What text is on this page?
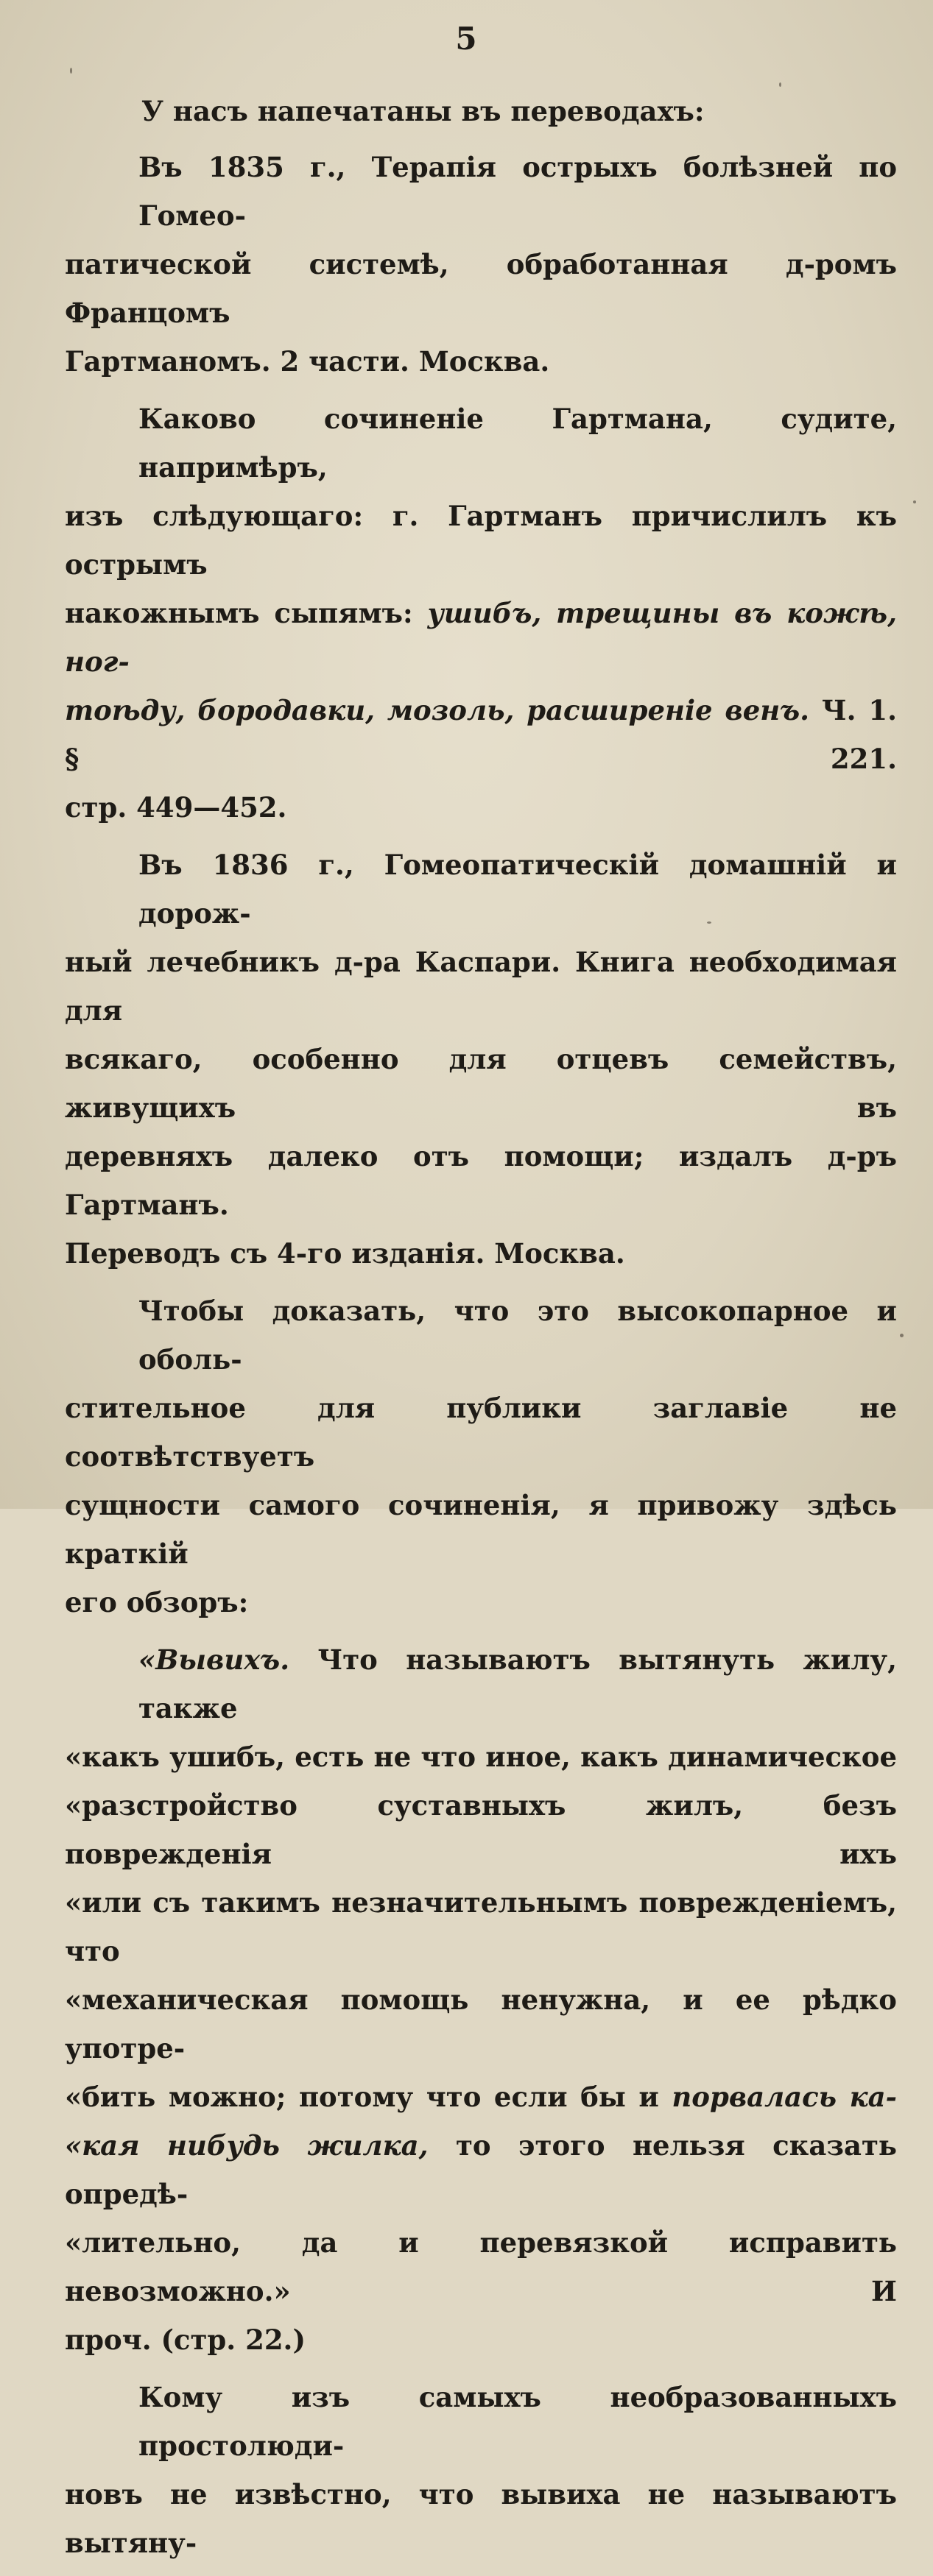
5
У насъ напечатаны въ переводахъ:
Въ 1835 г., Терапія острыхъ болѣзней по Гомео-
патической системѣ, обработанная д-ромъ Францомъ
Гартманомъ. 2 части. Москва.
Каково сочиненіе Гартмана, судите, напримѣръ,
изъ слѣдующаго: г. Гартманъ причислилъ къ острымъ
накожнымъ сыпямъ: ушибъ, трещины въ кожѣ, ног-
тоѣду, бородавки, мозоль, расширеніе венъ. Ч. 1. § 221.
стр. 449—452.
Въ 1836 г., Гомеопатическій домашній и дорож-
ный лечебникъ д-ра Каспари. Книга необходимая для
всякаго, особенно для отцевъ семействъ, живущихъ въ
деревняхъ далеко отъ помощи; издалъ д-ръ Гартманъ.
Переводъ съ 4-го изданія. Москва.
Чтобы доказать, что это высокопарное и оболь-
стительное для публики заглавіе не соотвѣтствуетъ
сущности самого сочиненія, я привожу здѣсь краткій
его обзоръ:
«Вывихъ. Что называютъ вытянуть жилу, также
«какъ ушибъ, есть не что иное, какъ динамическое
«разстройство суставныхъ жилъ, безъ поврежденія ихъ
«или съ такимъ незначительнымъ поврежденіемъ, что
«механическая помощь ненужна, и ее рѣдко употре-
«бить можно; потому что если бы и порвалась ка-
«кая нибудь жилка, то этого нельзя сказать опредѣ-
«лительно, да и перевязкой исправить невозможно.» И
проч. (стр. 22.)
Кому изъ самыхъ необразованныхъ простолюди-
новъ не извѣстно, что вывиха не называютъ вытяну-
